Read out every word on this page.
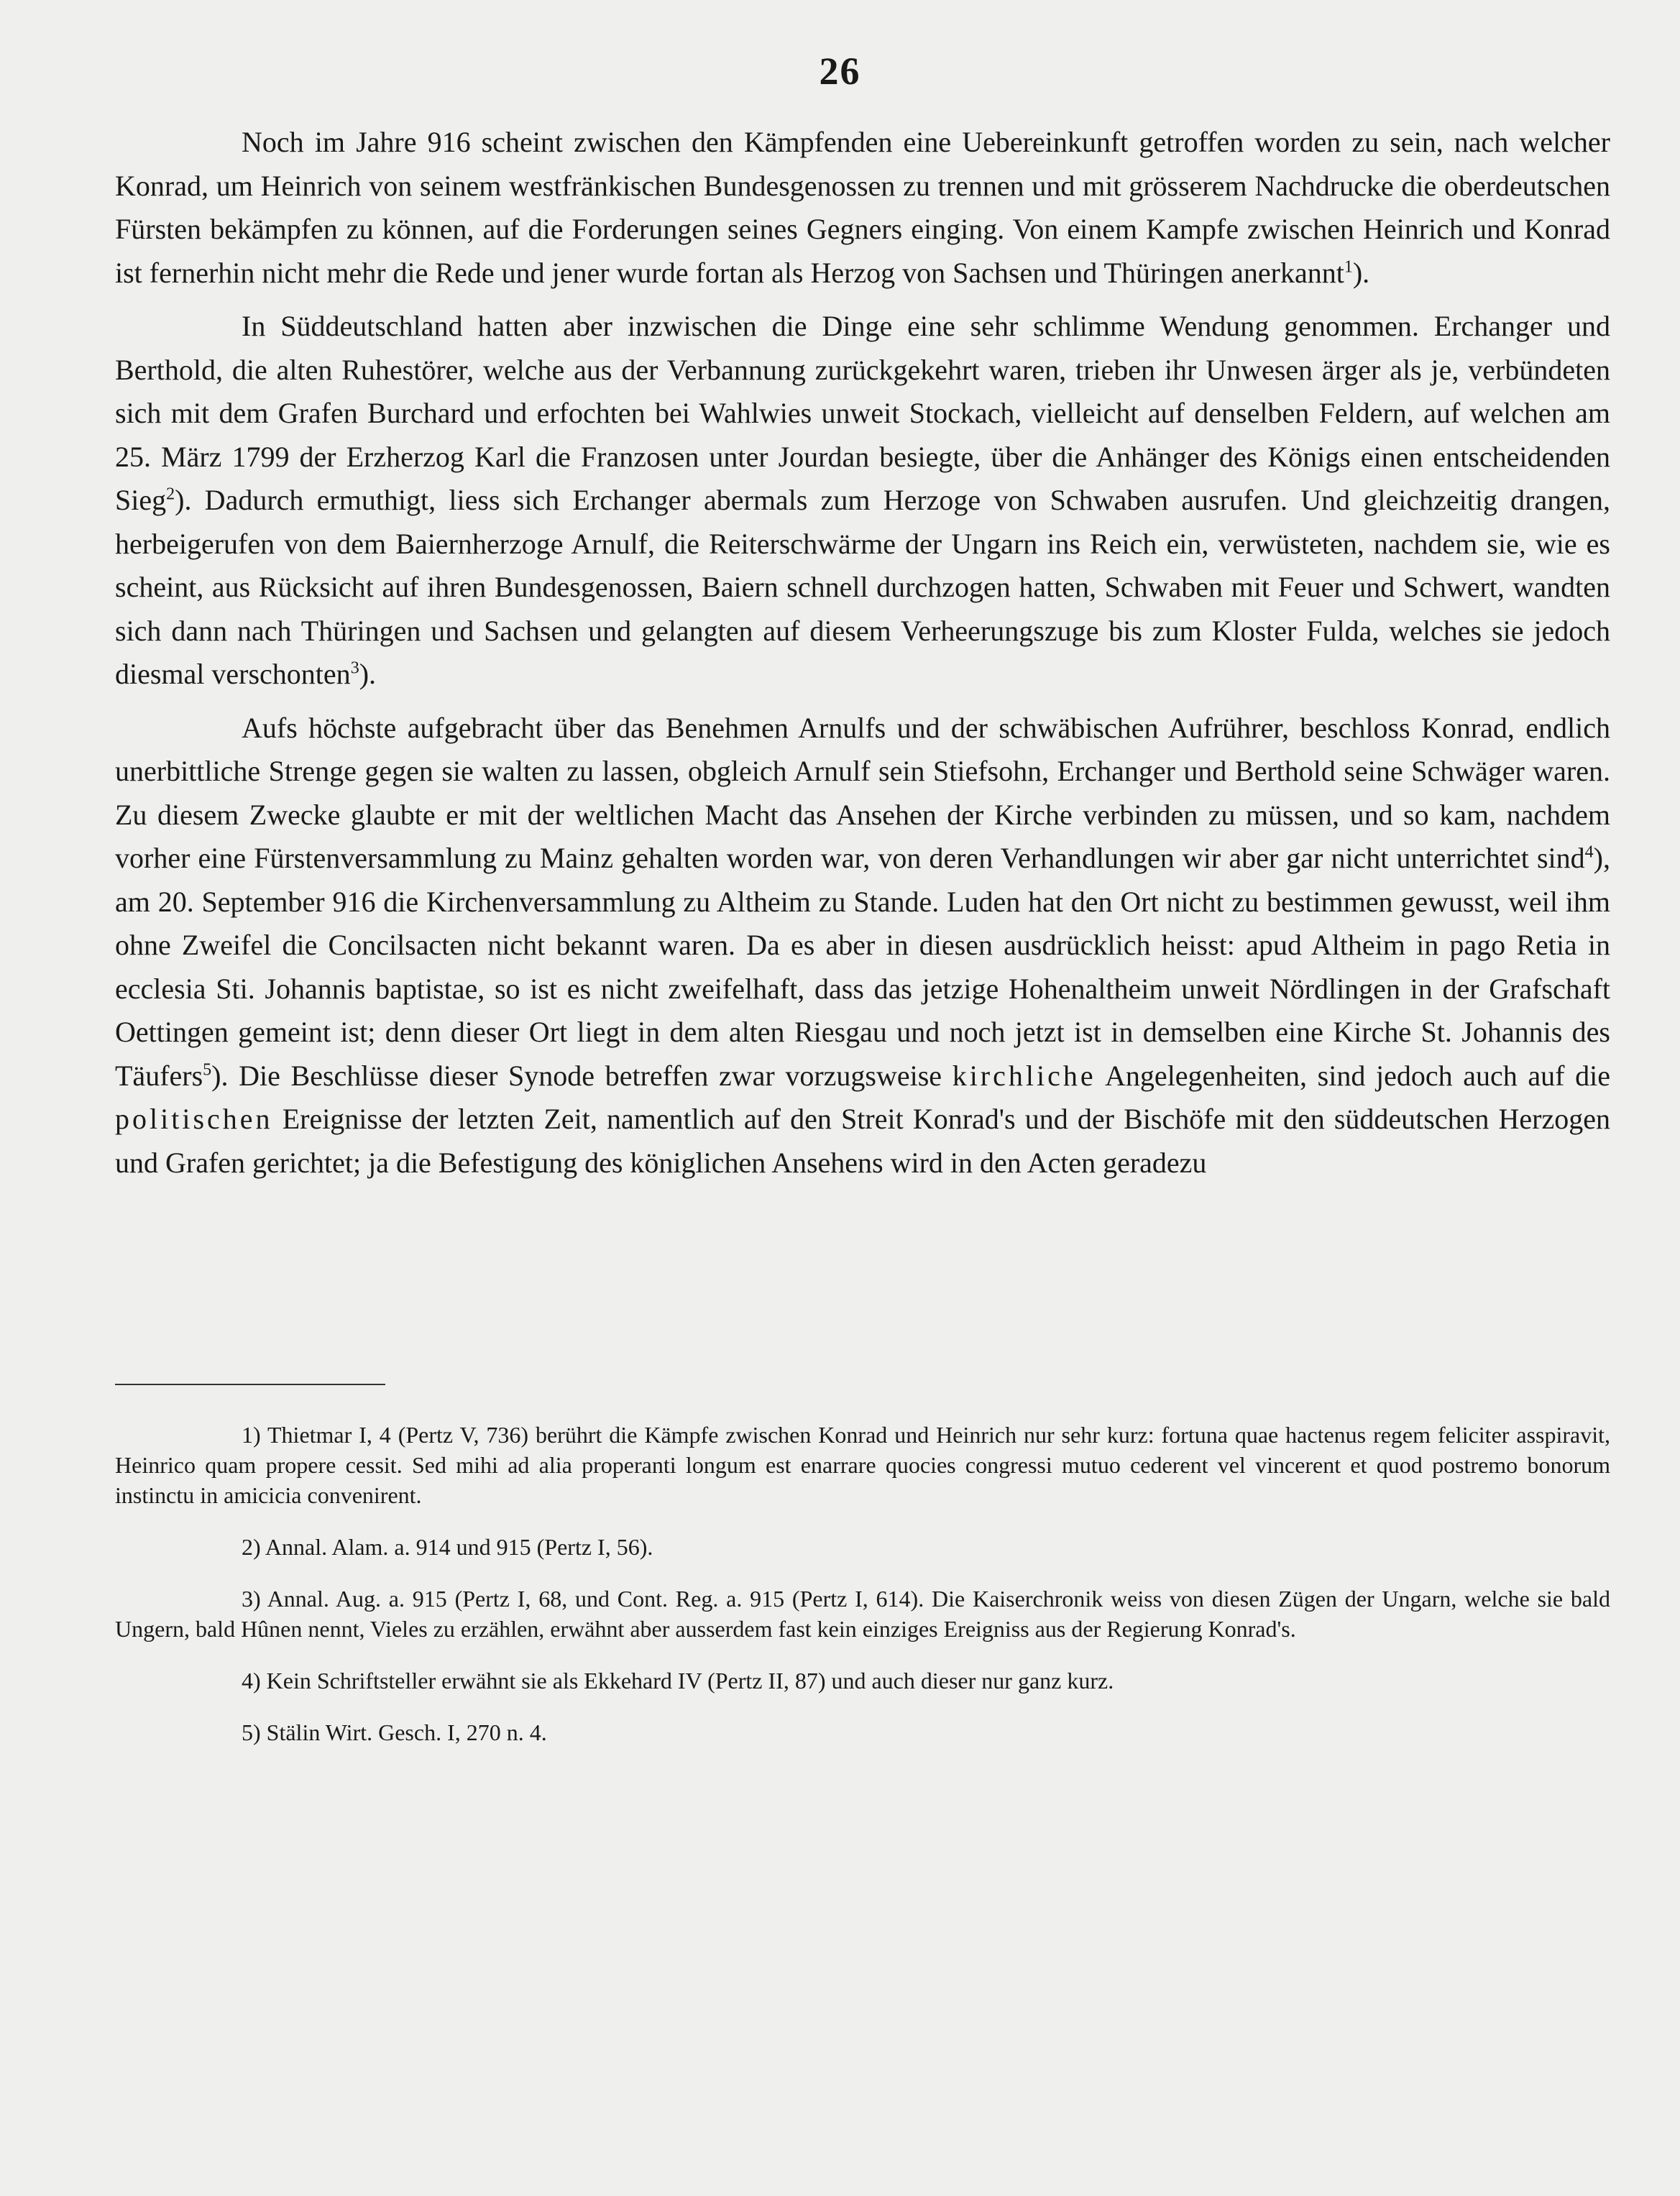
26

Noch im Jahre 916 scheint zwischen den Kämpfenden eine Uebereinkunft getroffen worden zu sein, nach welcher Konrad, um Heinrich von seinem westfränkischen Bundesgenossen zu trennen und mit grösserem Nachdrucke die oberdeutschen Fürsten bekämpfen zu können, auf die Forderungen seines Gegners einging. Von einem Kampfe zwischen Heinrich und Konrad ist fernerhin nicht mehr die Rede und jener wurde fortan als Herzog von Sachsen und Thüringen anerkannt$^1$).

In Süddeutschland hatten aber inzwischen die Dinge eine sehr schlimme Wendung genommen. Erchanger und Berthold, die alten Ruhestörer, welche aus der Verbannung zurückgekehrt waren, trieben ihr Unwesen ärger als je, verbündeten sich mit dem Grafen Burchard und erfochten bei Wahlwies unweit Stockach, vielleicht auf denselben Feldern, auf welchen am 25. März 1799 der Erzherzog Karl die Franzosen unter Jourdan besiegte, über die Anhänger des Königs einen entscheidenden Sieg$^2$). Dadurch ermuthigt, liess sich Erchanger abermals zum Herzoge von Schwaben ausrufen. Und gleichzeitig drangen, herbeigerufen von dem Baiernherzoge Arnulf, die Reiterschwärme der Ungarn ins Reich ein, verwüsteten, nachdem sie, wie es scheint, aus Rücksicht auf ihren Bundesgenossen, Baiern schnell durchzogen hatten, Schwaben mit Feuer und Schwert, wandten sich dann nach Thüringen und Sachsen und gelangten auf diesem Verheerungszuge bis zum Kloster Fulda, welches sie jedoch diesmal verschonten$^3$).

Aufs höchste aufgebracht über das Benehmen Arnulfs und der schwäbischen Aufrührer, beschloss Konrad, endlich unerbittliche Strenge gegen sie walten zu lassen, obgleich Arnulf sein Stiefsohn, Erchanger und Berthold seine Schwäger waren. Zu diesem Zwecke glaubte er mit der weltlichen Macht das Ansehen der Kirche verbinden zu müssen, und so kam, nachdem vorher eine Fürstenversammlung zu Mainz gehalten worden war, von deren Verhandlungen wir aber gar nicht unterrichtet sind$^4$), am 20. September 916 die Kirchenversammlung zu Altheim zu Stande. Luden hat den Ort nicht zu bestimmen gewusst, weil ihm ohne Zweifel die Concilsacten nicht bekannt waren. Da es aber in diesen ausdrücklich heisst: apud Altheim in pago Retia in ecclesia Sti. Johannis baptistae, so ist es nicht zweifelhaft, dass das jetzige Hohenaltheim unweit Nördlingen in der Grafschaft Oettingen gemeint ist; denn dieser Ort liegt in dem alten Riesgau und noch jetzt ist in demselben eine Kirche St. Johannis des Täufers$^5$). Die Beschlüsse dieser Synode betreffen zwar vorzugsweise kirchliche Angelegenheiten, sind jedoch auch auf die politischen Ereignisse der letzten Zeit, namentlich auf den Streit Konrad's und der Bischöfe mit den süddeutschen Herzogen und Grafen gerichtet; ja die Befestigung des königlichen Ansehens wird in den Acten geradezu

1) Thietmar I, 4 (Pertz V, 736) berührt die Kämpfe zwischen Konrad und Heinrich nur sehr kurz: fortuna quae hactenus regem feliciter asspiravit, Heinrico quam propere cessit. Sed mihi ad alia properanti longum est enarrare quocies congressi mutuo cederent vel vincerent et quod postremo bonorum instinctu in amicicia convenirent.

2) Annal. Alam. a. 914 und 915 (Pertz I, 56).

3) Annal. Aug. a. 915 (Pertz I, 68, und Cont. Reg. a. 915 (Pertz I, 614). Die Kaiserchronik weiss von diesen Zügen der Ungarn, welche sie bald Ungern, bald Hûnen nennt, Vieles zu erzählen, erwähnt aber ausserdem fast kein einziges Ereigniss aus der Regierung Konrad's.

4) Kein Schriftsteller erwähnt sie als Ekkehard IV (Pertz II, 87) und auch dieser nur ganz kurz.

5) Stälin Wirt. Gesch. I, 270 n. 4.
